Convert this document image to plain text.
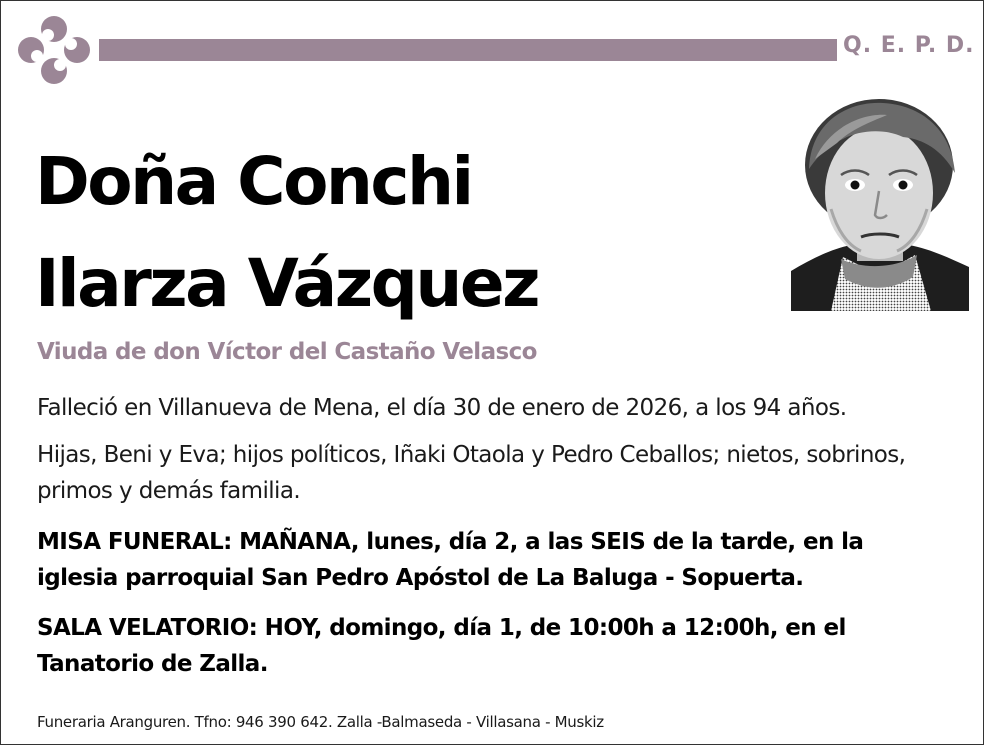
Q. E. P. D.
Doña Conchi
Ilarza Vázquez
Viuda de don Víctor del Castaño Velasco
Falleció en Villanueva de Mena, el día 30 de enero de 2026, a los 94 años.
Hijas, Beni y Eva; hijos políticos, Iñaki Otaola y Pedro Ceballos; nietos, sobrinos, primos y demás familia.
MISA FUNERAL: MAÑANA, lunes, día 2, a las SEIS de la tarde, en la iglesia parroquial San Pedro Apóstol de La Baluga - Sopuerta.
SALA VELATORIO: HOY, domingo, día 1, de 10:00h a 12:00h, en el Tanatorio de Zalla.
Funeraria Aranguren. Tfno: 946 390 642. Zalla -Balmaseda - Villasana - Muskiz
